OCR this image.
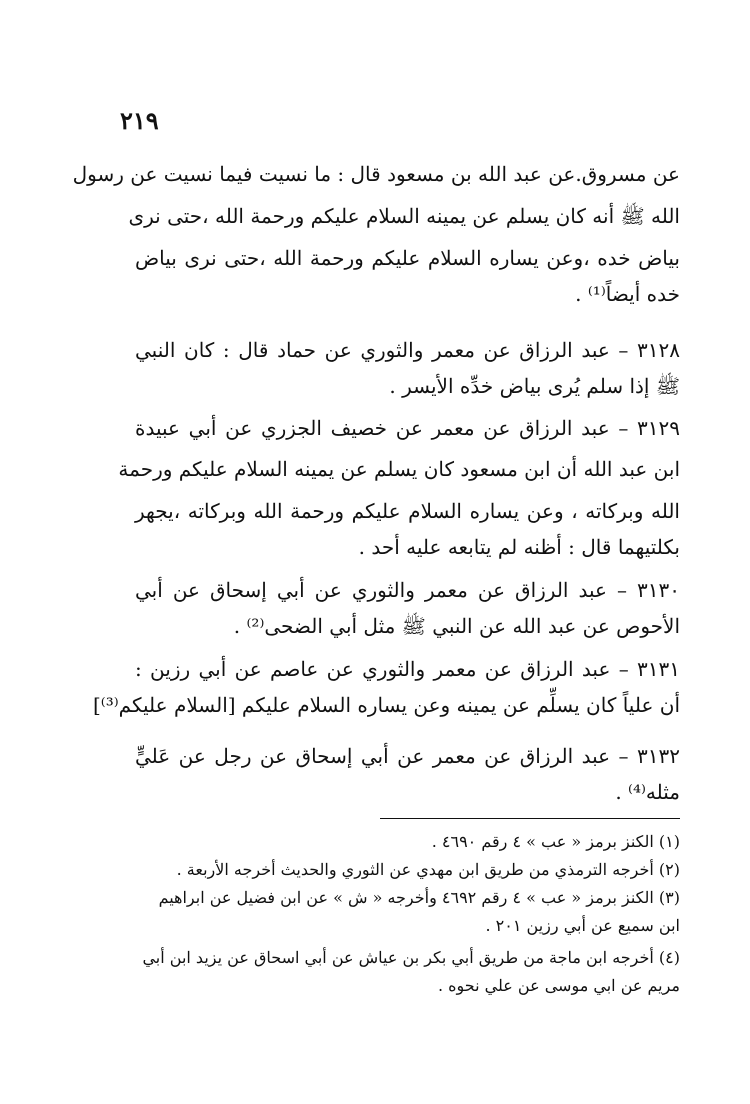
٢١٩
عن مسروق.عن عبد الله بن مسعود قال : ما نسيت فيما نسيت عن رسول
الله ﷺ أنه كان يسلم عن يمينه السلام عليكم ورحمة الله ،حتى نرى
بياض خده ،وعن يساره السلام عليكم ورحمة الله ،حتى نرى بياض
خده أيضاً⁽¹⁾ .
٣١٢٨ – عبد الرزاق عن معمر والثوري عن حماد قال : كان النبي
ﷺ إذا سلم يُرى بياض خدِّه الأيسر .
٣١٢٩ – عبد الرزاق عن معمر عن خصيف الجزري عن أبي عبيدة
ابن عبد الله أن ابن مسعود كان يسلم عن يمينه السلام عليكم ورحمة
الله وبركاته ، وعن يساره السلام عليكم ورحمة الله وبركاته ،يجهر
بكلتيهما قال : أظنه لم يتابعه عليه أحد .
٣١٣٠ – عبد الرزاق عن معمر والثوري عن أبي إسحاق عن أبي
الأحوص عن عبد الله عن النبي ﷺ مثل أبي الضحى⁽²⁾ .
٣١٣١ – عبد الرزاق عن معمر والثوري عن عاصم عن أبي رزين :
أن علياً كان يسلِّم عن يمينه وعن يساره السلام عليكم [السلام عليكم⁽³⁾]
٣١٣٢ – عبد الرزاق عن معمر عن أبي إسحاق عن رجل عن عَليٍّ
مثله⁽⁴⁾ .
(١) الكنز برمز « عب » ٤ رقم ٤٦٩٠ .
(٢) أخرجه الترمذي من طريق ابن مهدي عن الثوري والحديث أخرجه الأربعة .
(٣) الكنز برمز « عب » ٤ رقم ٤٦٩٢ وأخرجه « ش » عن ابن فضيل عن ابراهيم
ابن سميع عن أبي رزين ٢٠١ .
(٤) أخرجه ابن ماجة من طريق أبي بكر بن عياش عن أبي اسحاق عن يزيد ابن أبي
مريم عن ابي موسى عن علي نحوه .
